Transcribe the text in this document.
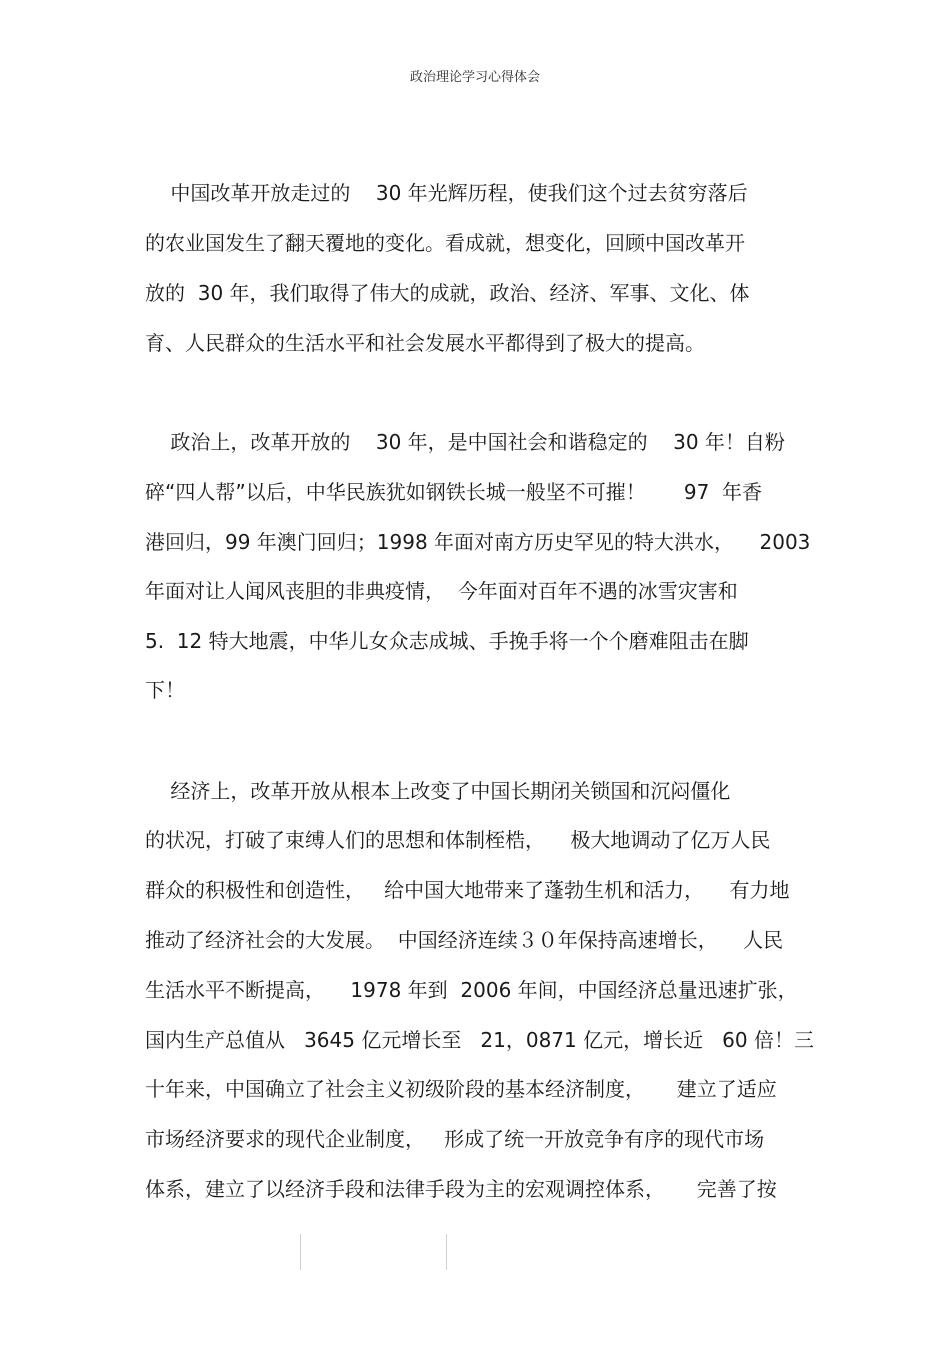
政治理论学习心得体会
中国改革开放走过的    30 年光辉历程，使我们这个过去贫穷落后
的农业国发生了翻天覆地的变化。看成就，想变化，回顾中国改革开
放的  30 年，我们取得了伟大的成就，政治、经济、军事、文化、体
育、人民群众的生活水平和社会发展水平都得到了极大的提高。
政治上，改革开放的    30 年，是中国社会和谐稳定的    30 年！自粉
碎“四人帮”以后，中华民族犹如钢铁长城一般坚不可摧！      97  年香
港回归，99 年澳门回归；1998 年面对南方历史罕见的特大洪水，    2003
年面对让人闻风丧胆的非典疫情，  今年面对百年不遇的冰雪灾害和
5.  12 特大地震，中华儿女众志成城、手挽手将一个个磨难阻击在脚
下！
经济上，改革开放从根本上改变了中国长期闭关锁国和沉闷僵化
的状况，打破了束缚人们的思想和体制桎梏，    极大地调动了亿万人民
群众的积极性和创造性，   给中国大地带来了蓬勃生机和活力，    有力地
推动了经济社会的大发展。  中国经济连续３０年保持高速增长，    人民
生活水平不断提高，    1978 年到  2006 年间，中国经济总量迅速扩张，
国内生产总值从   3645 亿元增长至   21，0871 亿元，增长近   60 倍！三
十年来，中国确立了社会主义初级阶段的基本经济制度，     建立了适应
市场经济要求的现代企业制度，   形成了统一开放竞争有序的现代市场
体系，建立了以经济手段和法律手段为主的宏观调控体系，     完善了按
